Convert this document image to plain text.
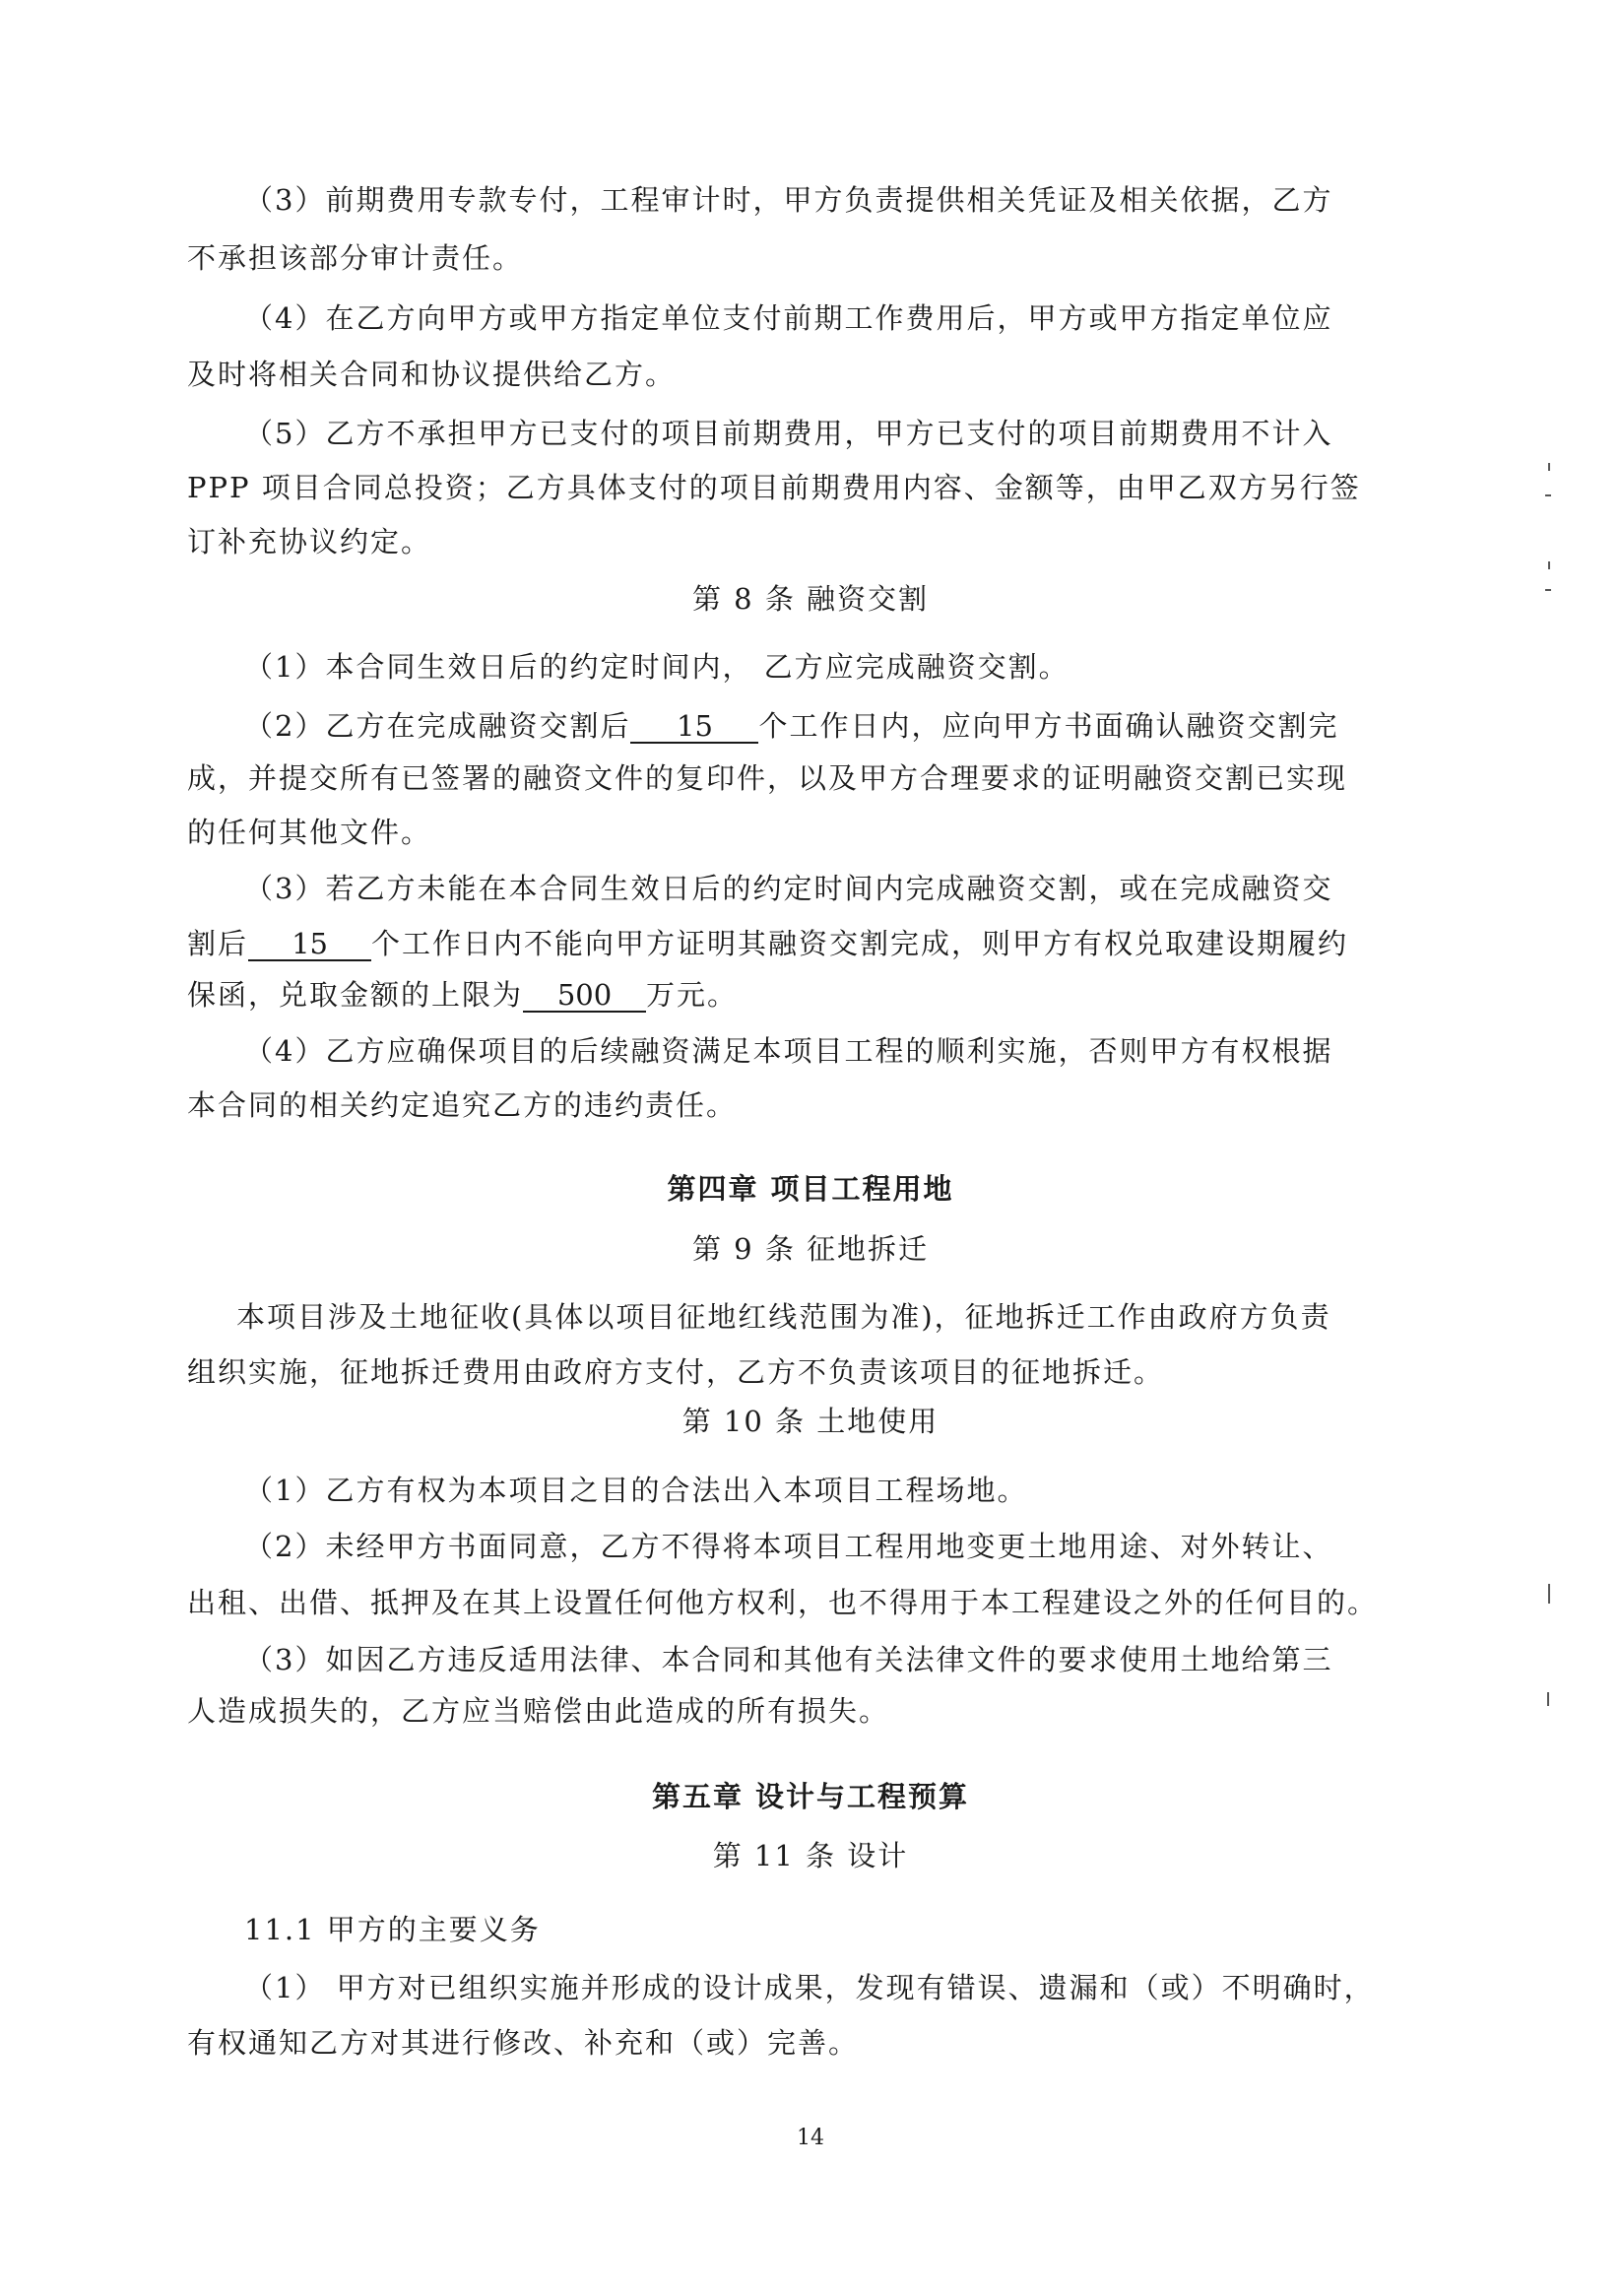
（3）前期费用专款专付，工程审计时，甲方负责提供相关凭证及相关依据，乙方
不承担该部分审计责任。
（4）在乙方向甲方或甲方指定单位支付前期工作费用后，甲方或甲方指定单位应
及时将相关合同和协议提供给乙方。
（5）乙方不承担甲方已支付的项目前期费用，甲方已支付的项目前期费用不计入
PPP 项目合同总投资；乙方具体支付的项目前期费用内容、金额等，由甲乙双方另行签
订补充协议约定。
第 8 条 融资交割
（1）本合同生效日后的约定时间内， 乙方应完成融资交割。
（2）乙方在完成融资交割后 15 个工作日内，应向甲方书面确认融资交割完
成，并提交所有已签署的融资文件的复印件，以及甲方合理要求的证明融资交割已实现
的任何其他文件。
（3）若乙方未能在本合同生效日后的约定时间内完成融资交割，或在完成融资交
割后 15 个工作日内不能向甲方证明其融资交割完成，则甲方有权兑取建设期履约
保函，兑取金额的上限为 500 万元。
（4）乙方应确保项目的后续融资满足本项目工程的顺利实施，否则甲方有权根据
本合同的相关约定追究乙方的违约责任。
第四章 项目工程用地
第 9 条 征地拆迁
本项目涉及土地征收(具体以项目征地红线范围为准)，征地拆迁工作由政府方负责
组织实施，征地拆迁费用由政府方支付，乙方不负责该项目的征地拆迁。
第 10 条 土地使用
（1）乙方有权为本项目之目的合法出入本项目工程场地。
（2）未经甲方书面同意，乙方不得将本项目工程用地变更土地用途、对外转让、
出租、出借、抵押及在其上设置任何他方权利，也不得用于本工程建设之外的任何目的。
（3）如因乙方违反适用法律、本合同和其他有关法律文件的要求使用土地给第三
人造成损失的，乙方应当赔偿由此造成的所有损失。
第五章 设计与工程预算
第 11 条 设计
11.1 甲方的主要义务
（1） 甲方对已组织实施并形成的设计成果，发现有错误、遗漏和（或）不明确时，
有权通知乙方对其进行修改、补充和（或）完善。
14
